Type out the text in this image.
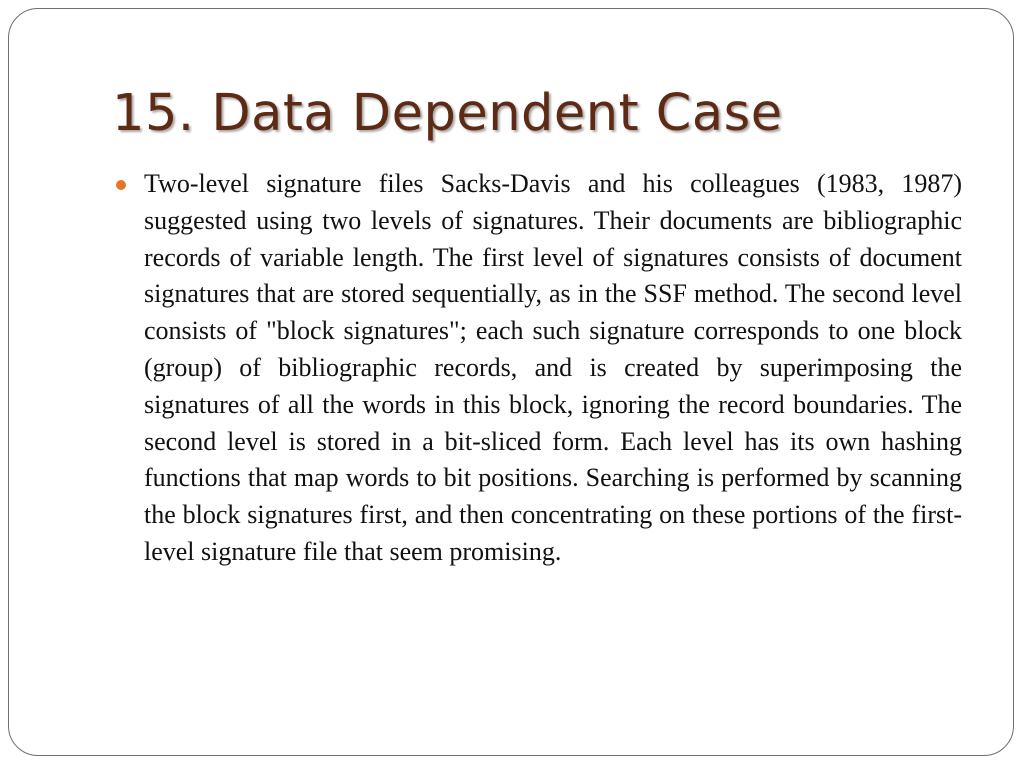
15. Data Dependent Case
Two-level signature files Sacks-Davis and his colleagues (1983, 1987) suggested using two levels of signatures. Their documents are bibliographic records of variable length. The first level of signatures consists of document signatures that are stored sequentially, as in the SSF method. The second level consists of "block signatures"; each such signature corresponds to one block (group) of bibliographic records, and is created by superimposing the signatures of all the words in this block, ignoring the record boundaries. The second level is stored in a bit-sliced form. Each level has its own hashing functions that map words to bit positions. Searching is performed by scanning the block signatures first, and then concentrating on these portions of the first-level signature file that seem promising.
